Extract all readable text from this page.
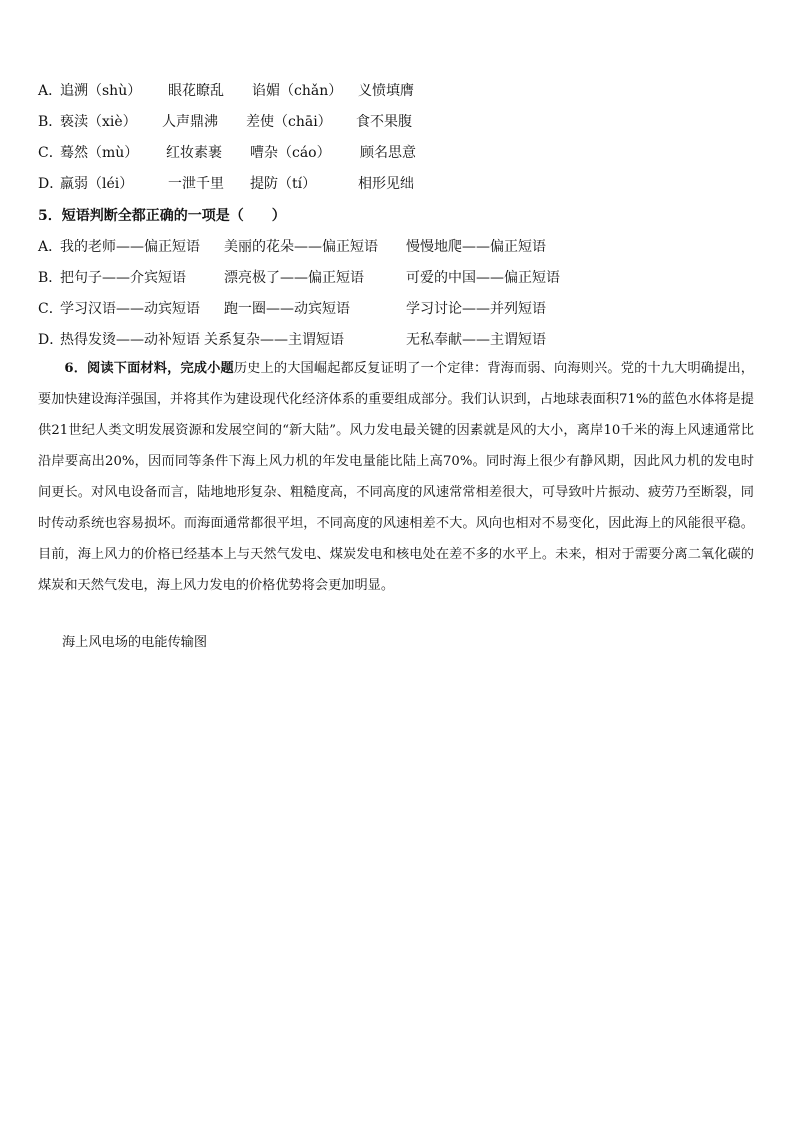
A．
追溯（shù） 眼花瞭乱 谄媚（chǎn） 义愤填膺
B．
亵渎（xiè） 人声鼎沸 差使（chāi） 食不果腹
C．
蓦然（mù） 红妆素裹 嘈杂（cáo） 顾名思意
D．
羸弱（léi） 一泄千里 提防（tí）	相形见绌
5．短语判断全都正确的一项是（　　）
A．
我的老师——偏正短语 美丽的花朵——偏正短语 慢慢地爬——偏正短语
B．
把句子——介宾短语	漂亮极了——偏正短语	可爱的中国——偏正短语
C．
学习汉语——动宾短语 跑一圈——动宾短语	学习讨论——并列短语
D．
热得发烫——动补短语 关系复杂——主谓短语	无私奉献——主谓短语

6．阅读下面材料，完成小题历史上的大国崛起都反复证明了一个定律：背海而弱、向海则兴。党的十九大明确提出，要加快建设海洋强国，并将其作为建设现代化经济体系的重要组成部分。我们认识到，占地球表面积71%的蓝色水体将是提供21世纪人类文明发展资源和发展空间的“新大陆”。风力发电最关键的因素就是风的大小，离岸10千米的海上风速通常比沿岸要高出20%，因而同等条件下海上风力机的年发电量能比陆上高70%。同时海上很少有静风期，因此风力机的发电时间更长。对风电设备而言，陆地地形复杂、粗糙度高，不同高度的风速常常相差很大，可导致叶片振动、疲劳乃至断裂，同时传动系统也容易损坏。而海面通常都很平坦，不同高度的风速相差不大。风向也相对不易变化，因此海上的风能很平稳。目前，海上风力的价格已经基本上与天然气发电、煤炭发电和核电处在差不多的水平上。未来，相对于需要分离二氧化碳的煤炭和天然气发电，海上风力发电的价格优势将会更加明显。

海上风电场的电能传输图
